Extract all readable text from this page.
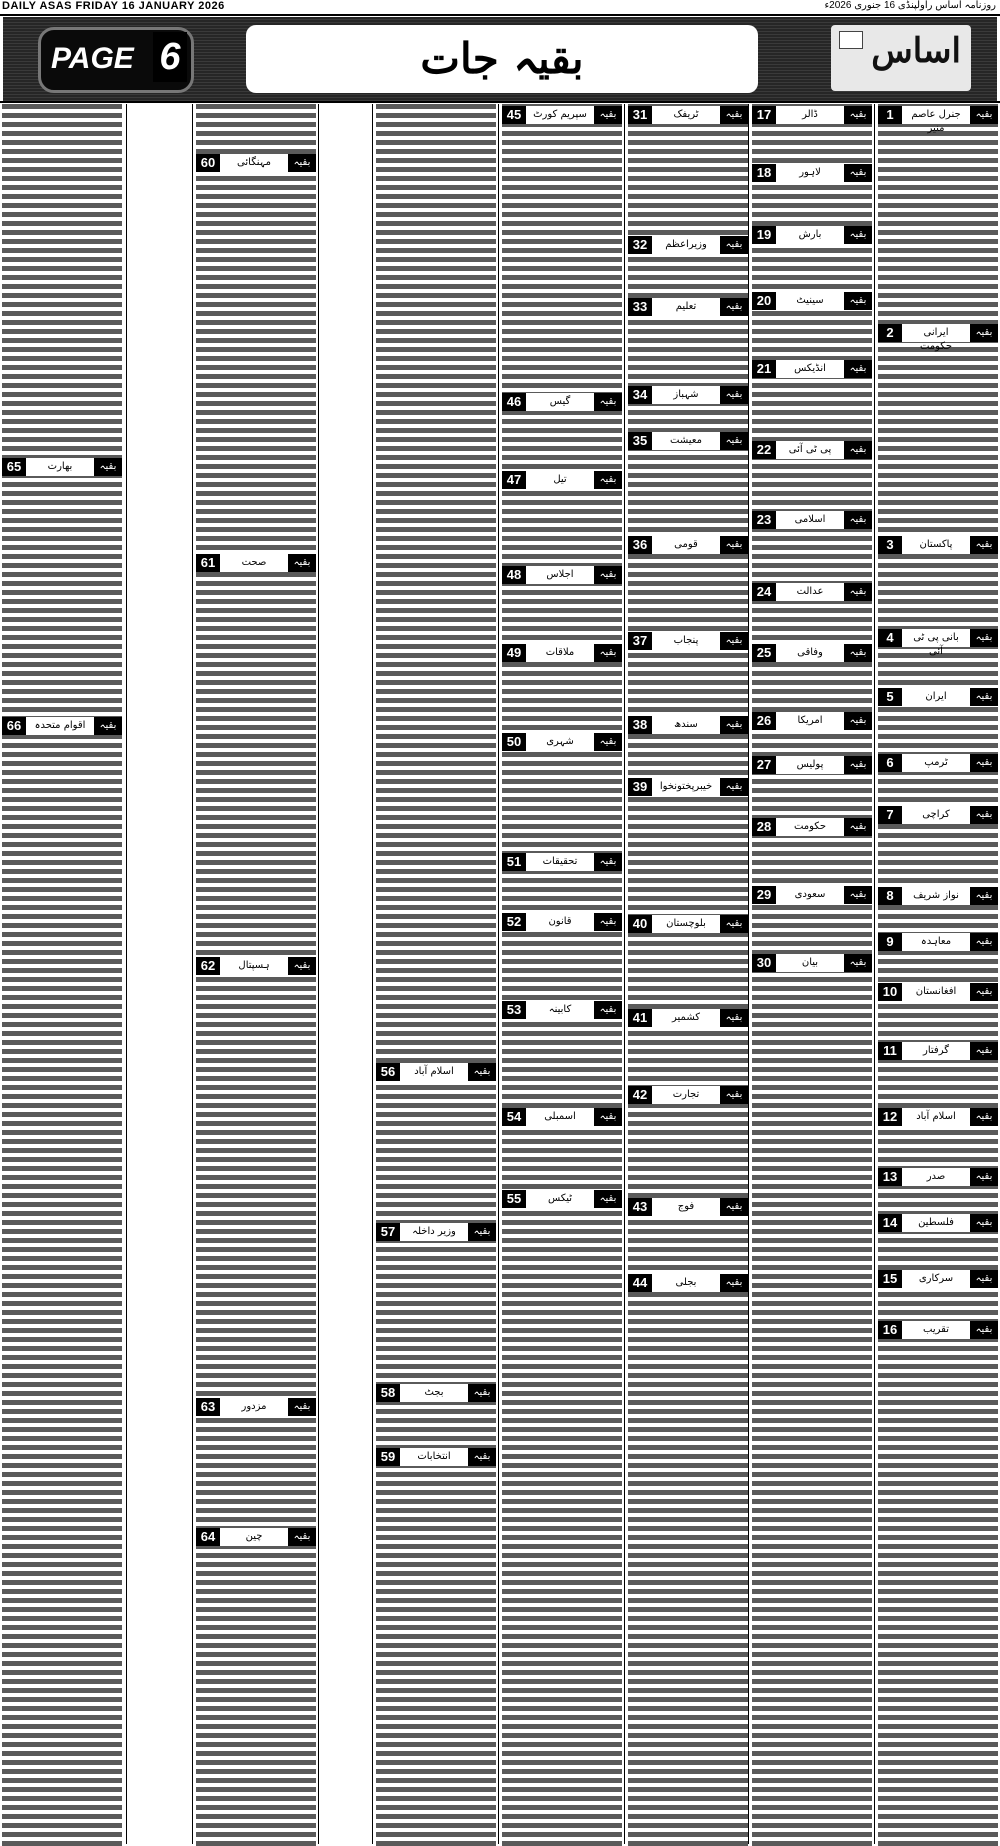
DAILY ASAS FRIDAY 16 JANUARY 2026	روزنامہ اساس راولپنڈی 16 جنوری 2026ء
PAGE 6	بقیہ جات	اساس
1	جنرل عاصم منیر
بقیہ
2	ایرانی حکومت
بقیہ
3	پاکستان	بقیہ
4	بانی پی ٹی آئی
بقیہ
5	ایران	بقیہ
6	ٹرمپ	بقیہ
7	کراچی	بقیہ
8	نواز شریف	بقیہ
9	معاہدہ	بقیہ
10	افغانستان	بقیہ
11	گرفتار	بقیہ
12	اسلام آباد	بقیہ
13	صدر	بقیہ
14	فلسطین	بقیہ
15	سرکاری	بقیہ
16	تقریب	بقیہ
17	ڈالر	بقیہ
18	لاہور	بقیہ
19	بارش	بقیہ
20	سینیٹ	بقیہ
21	انڈیکس	بقیہ
22	پی ٹی آئی	بقیہ
23	اسلامی	بقیہ
24	عدالت	بقیہ
25	وفاقی	بقیہ
26	امریکا	بقیہ
27	پولیس	بقیہ
28	حکومت	بقیہ
29	سعودی	بقیہ
30	بیان	بقیہ
31	ٹریفک	بقیہ
32	وزیراعظم	بقیہ
33	تعلیم	بقیہ
34	شہباز	بقیہ
35	معیشت	بقیہ
36	قومی	بقیہ
37	پنجاب	بقیہ
38	سندھ	بقیہ
39	خیبرپختونخوا	بقیہ
40	بلوچستان	بقیہ
41	کشمیر	بقیہ
42	تجارت	بقیہ
43	فوج	بقیہ
44	بجلی	بقیہ
45	سپریم کورٹ	بقیہ
46	گیس	بقیہ
47	تیل	بقیہ
48	اجلاس	بقیہ
49	ملاقات	بقیہ
50	شہری	بقیہ
51	تحقیقات	بقیہ
52	قانون	بقیہ
53	کابینہ	بقیہ
54	اسمبلی	بقیہ
55	ٹیکس	بقیہ
56	اسلام آباد	بقیہ
57	وزیر داخلہ	بقیہ
58	بجٹ	بقیہ
59	انتخابات	بقیہ
60	مہنگائی	بقیہ
61	صحت	بقیہ
62	ہسپتال	بقیہ
63	مزدور	بقیہ
64	چین	بقیہ
65	بھارت	بقیہ
66	اقوام متحدہ	بقیہ
